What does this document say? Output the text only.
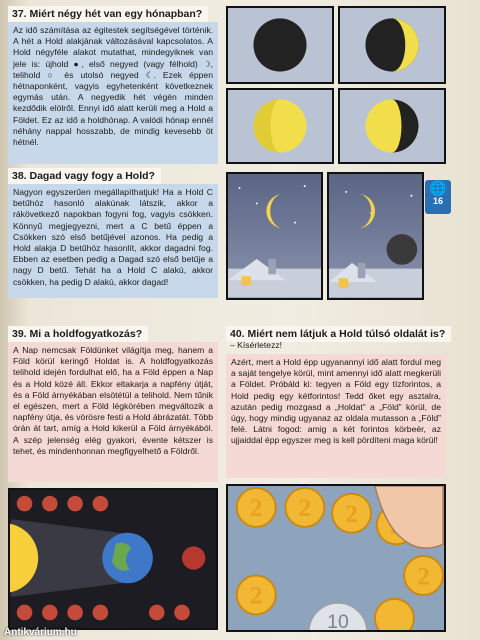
37. Miért négy hét van egy hónapban?
Az idő számítása az égitestek segítségével történik. A hét a Hold alakjának változásával kapcsolatos. A Hold négyféle alakot mutathat, mindegyiknek van jele is: újhold ●, első negyed (vagy félhold) ☽, telihold ○ és utolsó negyed ☾. Ezek éppen hétnaponként, vagyis egyhetenként következnek egymás után. A negyedik hét végén minden kezdődik elölről. Ennyi idő alatt kerüli meg a Hold a Földet. Ez az idő a holdhónap. A valódi hónap ennél néhány nappal hosszabb, de mindig kevesebb öt hétnél.
38. Dagad vagy fogy a Hold?
Nagyon egyszerűen megállapíthatjuk! Ha a Hold C betűhöz hasonló alakúnak látszik, akkor a rákövetkező napokban fogyni fog, vagyis csökken. Könnyű megjegyezni, mert a C betű éppen a Csökken szó első betűjével azonos. Ha pedig a Hold alakja D betűhöz hasonlít, akkor dagadni fog. Ebben az esetben pedig a Dagad szó első betűje a nagy D betű. Tehát ha a Hold C alakú, akkor csökken, ha pedig D alakú, akkor dagad!
🌐
16
39. Mi a holdfogyatkozás?
A Nap nemcsak Földünket világítja meg, hanem a Föld körül keringő Holdat is. A holdfogyatkozás telihold idején fordulhat elő, ha a Föld éppen a Nap és a Hold közé áll. Ekkor eltakarja a napfény útját, és a Föld árnyékában elsötétül a telihold. Nem tűnik el egészen, mert a Föld légkörében megváltozik a napfény útja, és vörösre festi a Hold ábrázatát. Több órán át tart, amíg a Hold kikerül a Föld árnyékából. A szép jelenség elég gyakori, évente kétszer is tehet, és mindenhonnan megfigyelhető a Földről.
40. Miért nem látjuk a Hold túlsó oldalát is?
– Kísérletezz!
Azért, mert a Hold épp ugyanannyi idő alatt fordul meg a saját tengelye körül, mint amennyi idő alatt megkerüli a Földet. Próbáld ki: tegyen a Föld egy tízforintos, a Hold pedig egy kétforintos! Tedd őket egy asztalra, azután pedig mozgasd a „Holdat” a „Föld” körül, de úgy, hogy mindig ugyanaz az oldala mutasson a „Föld” felé. Látni fogod: amig a két forintos körbeér, az ujjaiddal épp egyszer meg is kell pördíteni maga körül!
2 2 2
2
2
10
Antikvárium.hu
